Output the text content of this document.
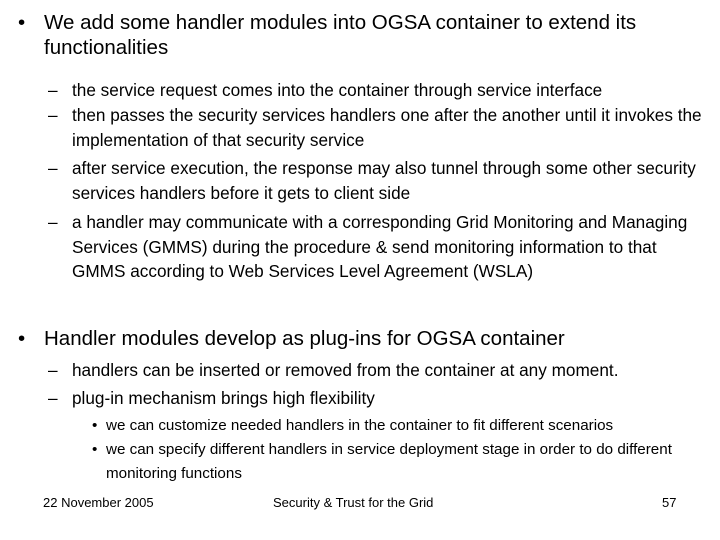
• We add some handler modules into OGSA container to extend its functionalities
– the service request comes into the container through service interface
– then passes the security services handlers one after the another until it invokes the implementation of that security service
– after service execution, the response may also tunnel through some other security services handlers before it gets to client side
– a handler may communicate with a corresponding Grid Monitoring and Managing Services (GMMS) during the procedure & send monitoring information to that GMMS according to Web Services Level Agreement (WSLA)
• Handler modules develop as plug-ins for OGSA container
– handlers can be inserted or removed from the container at any moment.
– plug-in mechanism brings high flexibility
• we can customize needed handlers in the container to fit different scenarios
• we can specify different handlers in service deployment stage in order to do different monitoring functions
22 November 2005	Security & Trust for the Grid	57
